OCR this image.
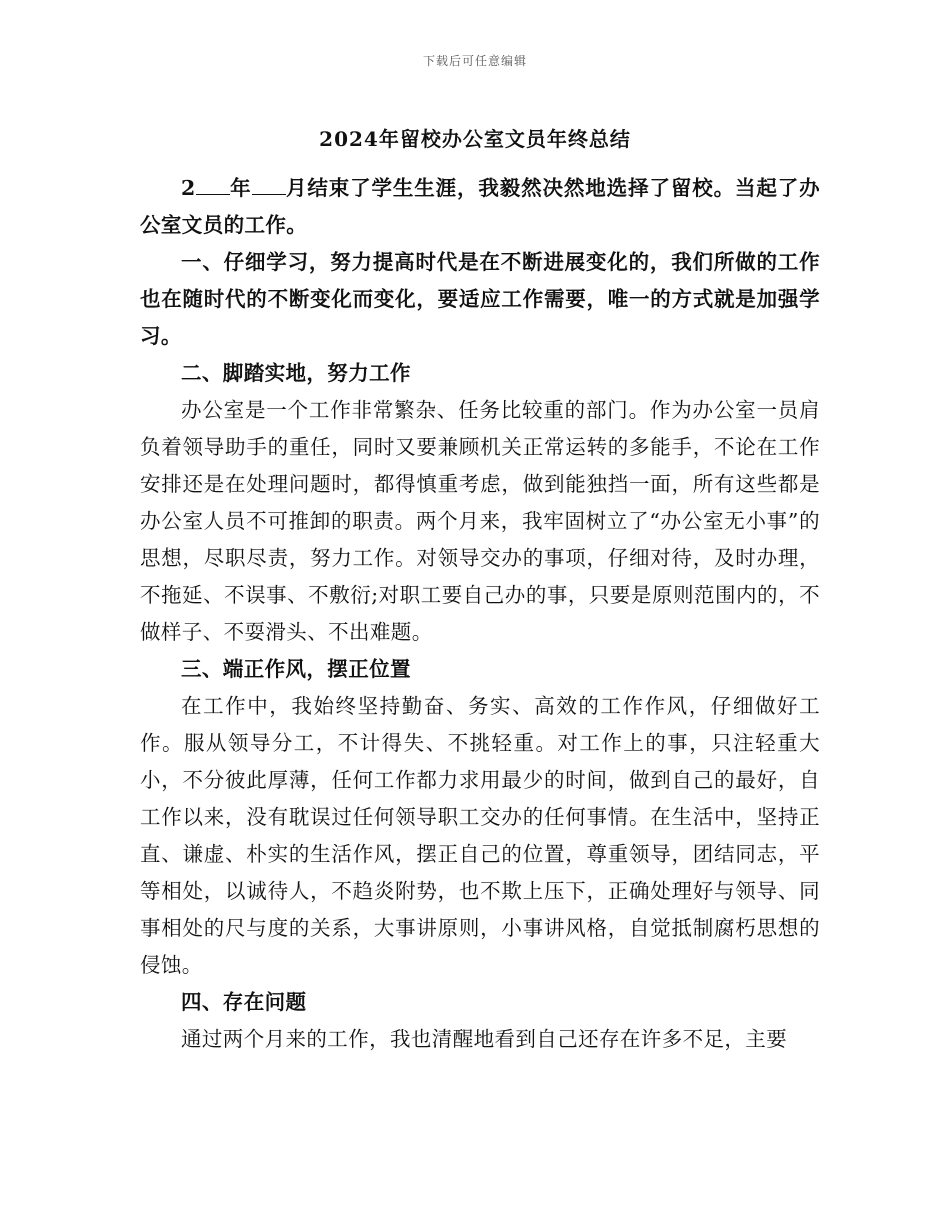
下载后可任意编辑
2024年留校办公室文员年终总结

2 年 月结束了学生生涯，我毅然决然地选择了留校。当起了办公室文员的工作。

一、仔细学习，努力提高时代是在不断进展变化的，我们所做的工作也在随时代的不断变化而变化，要适应工作需要，唯一的方式就是加强学习。

二、脚踏实地，努力工作

办公室是一个工作非常繁杂、任务比较重的部门。作为办公室一员肩负着领导助手的重任，同时又要兼顾机关正常运转的多能手，不论在工作安排还是在处理问题时，都得慎重考虑，做到能独挡一面，所有这些都是办公室人员不可推卸的职责。两个月来，我牢固树立了“办公室无小事”的思想，尽职尽责，努力工作。对领导交办的事项，仔细对待，及时办理，不拖延、不误事、不敷衍;对职工要自己办的事，只要是原则范围内的，不做样子、不耍滑头、不出难题。

三、端正作风，摆正位置

在工作中，我始终坚持勤奋、务实、高效的工作作风，仔细做好工作。服从领导分工，不计得失、不挑轻重。对工作上的事，只注轻重大小，不分彼此厚薄，任何工作都力求用最少的时间，做到自己的最好，自工作以来，没有耽误过任何领导职工交办的任何事情。在生活中，坚持正直、谦虚、朴实的生活作风，摆正自己的位置，尊重领导，团结同志，平等相处，以诚待人，不趋炎附势，也不欺上压下，正确处理好与领导、同事相处的尺与度的关系，大事讲原则，小事讲风格，自觉抵制腐朽思想的侵蚀。

四、存在问题

通过两个月来的工作，我也清醒地看到自己还存在许多不足，主要
